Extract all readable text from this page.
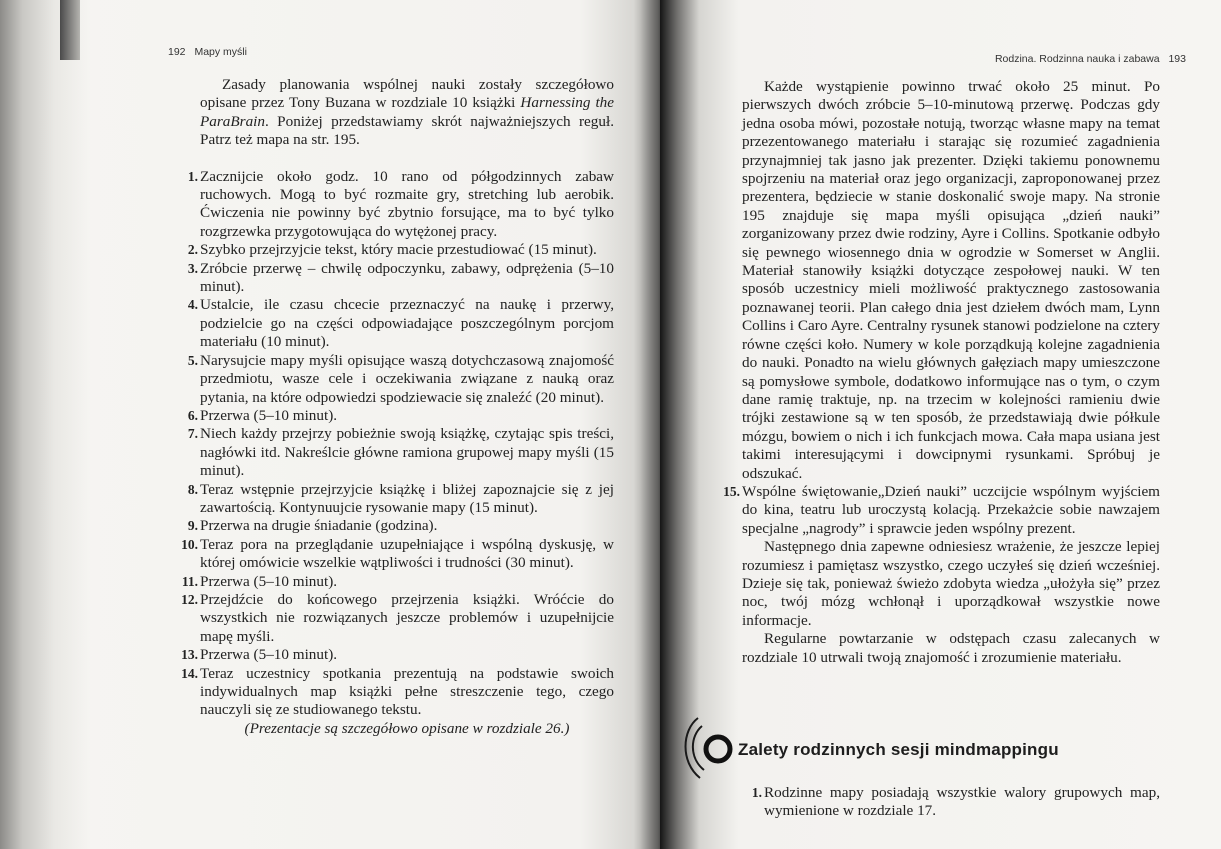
192 Mapy myśli

Zasady planowania wspólnej nauki zostały szczegółowo opisane przez Tony Buzana w rozdziale 10 książki Harnessing the ParaBrain. Poniżej przedstawiamy skrót najważniejszych reguł. Patrz też mapa na str. 195.

1. Zacznijcie około godz. 10 rano od półgodzinnych zabaw ruchowych. Mogą to być rozmaite gry, stretching lub aerobik. Ćwiczenia nie powinny być zbytnio forsujące, ma to być tylko rozgrzewka przygotowująca do wytężonej pracy.
2. Szybko przejrzyjcie tekst, który macie przestudiować (15 minut).
3. Zróbcie przerwę – chwilę odpoczynku, zabawy, odprężenia (5–10 minut).
4. Ustalcie, ile czasu chcecie przeznaczyć na naukę i przerwy, podzielcie go na części odpowiadające poszczególnym porcjom materiału (10 minut).
5. Narysujcie mapy myśli opisujące waszą dotychczasową znajomość przedmiotu, wasze cele i oczekiwania związane z nauką oraz pytania, na które odpowiedzi spodziewacie się znaleźć (20 minut).
6. Przerwa (5–10 minut).
7. Niech każdy przejrzy pobieżnie swoją książkę, czytając spis treści, nagłówki itd. Nakreślcie główne ramiona grupowej mapy myśli (15 minut).
8. Teraz wstępnie przejrzyjcie książkę i bliżej zapoznajcie się z jej zawartością. Kontynuujcie rysowanie mapy (15 minut).
9. Przerwa na drugie śniadanie (godzina).
10. Teraz pora na przeglądanie uzupełniające i wspólną dyskusję, w której omówicie wszelkie wątpliwości i trudności (30 minut).
11. Przerwa (5–10 minut).
12. Przejdźcie do końcowego przejrzenia książki. Wróćcie do wszystkich nie rozwiązanych jeszcze problemów i uzupełnijcie mapę myśli.
13. Przerwa (5–10 minut).
14. Teraz uczestnicy spotkania prezentują na podstawie swoich indywidualnych map książki pełne streszczenie tego, czego nauczyli się ze studiowanego tekstu.

(Prezentacje są szczegółowo opisane w rozdziale 26.)

Rodzina. Rodzinna nauka i zabawa 193

Każde wystąpienie powinno trwać około 25 minut. Po pierwszych dwóch zróbcie 5–10-minutową przerwę. Podczas gdy jedna osoba mówi, pozostałe notują, tworząc własne mapy na temat przezentowanego materiału i starając się rozumieć zagadnienia przynajmniej tak jasno jak prezenter. Dzięki takiemu ponownemu spojrzeniu na materiał oraz jego organizacji, zaproponowanej przez prezentera, będziecie w stanie doskonalić swoje mapy. Na stronie 195 znajduje się mapa myśli opisująca „dzień nauki” zorganizowany przez dwie rodziny, Ayre i Collins. Spotkanie odbyło się pewnego wiosennego dnia w ogrodzie w Somerset w Anglii. Materiał stanowiły książki dotyczące zespołowej nauki. W ten sposób uczestnicy mieli możliwość praktycznego zastosowania poznawanej teorii. Plan całego dnia jest dziełem dwóch mam, Lynn Collins i Caro Ayre. Centralny rysunek stanowi podzielone na cztery równe części koło. Numery w kole porządkują kolejne zagadnienia do nauki. Ponadto na wielu głównych gałęziach mapy umieszczone są pomysłowe symbole, dodatkowo informujące nas o tym, o czym dane ramię traktuje, np. na trzecim w kolejności ramieniu dwie trójki zestawione są w ten sposób, że przedstawiają dwie półkule mózgu, bowiem o nich i ich funkcjach mowa. Cała mapa usiana jest takimi interesującymi i dowcipnymi rysunkami. Spróbuj je odszukać.

15. Wspólne świętowanie„Dzień nauki” uczcijcie wspólnym wyjściem do kina, teatru lub uroczystą kolacją. Przekażcie sobie nawzajem specjalne „nagrody” i sprawcie jeden wspólny prezent.

Następnego dnia zapewne odniesiesz wrażenie, że jeszcze lepiej rozumiesz i pamiętasz wszystko, czego uczyłeś się dzień wcześniej. Dzieje się tak, ponieważ świeżo zdobyta wiedza „ułożyła się” przez noc, twój mózg wchłonął i uporządkował wszystkie nowe informacje.

Regularne powtarzanie w odstępach czasu zalecanych w rozdziale 10 utrwali twoją znajomość i zrozumienie materiału.

Zalety rodzinnych sesji mindmappingu
1. Rodzinne mapy posiadają wszystkie walory grupowych map, wymienione w rozdziale 17.
